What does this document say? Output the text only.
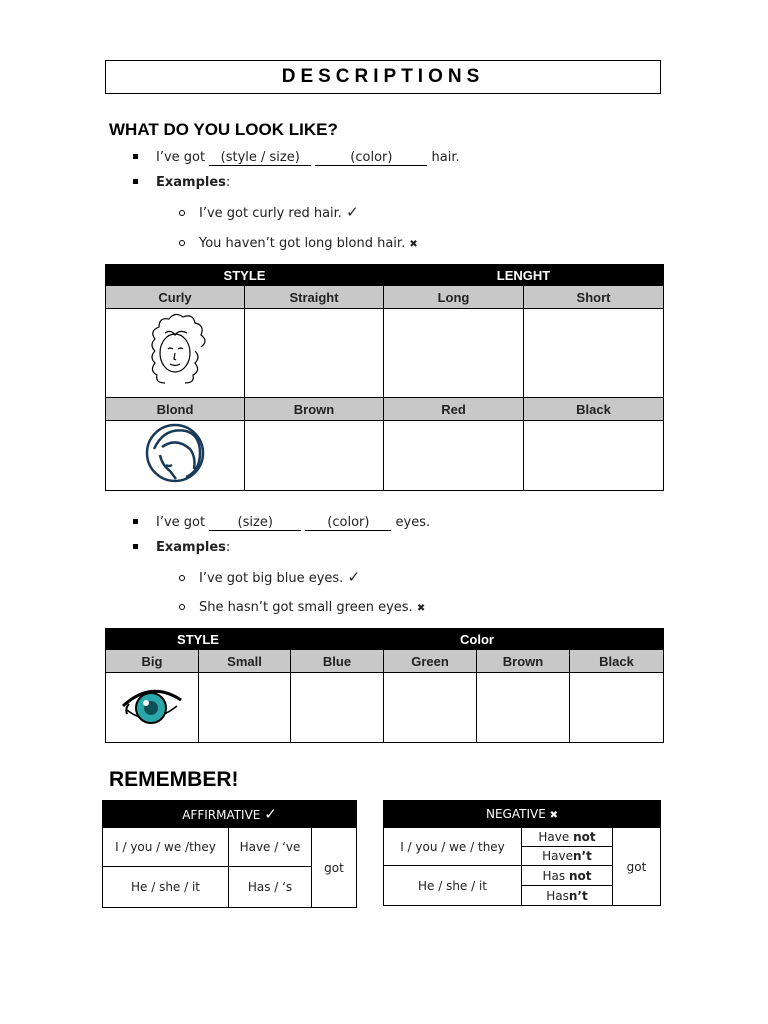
DESCRIPTIONS
WHAT DO YOU LOOK LIKE?
I’ve got (style / size)	(color)	hair.
Examples:
I’ve got curly red hair. ✓
You haven’t got long blond hair. ✖
STYLE		LENGHT	
Curly	Straight	Long	Short

Blond	Brown	Red	Black

I’ve got (size)	(color) eyes.
Examples:
I’ve got big blue eyes. ✓
She hasn’t got small green eyes. ✖
STYLE		Color			
Big	Small	Blue	Green	Brown	Black

REMEMBER!
AFFIRMATIVE ✓		
I / you / we /they	Have / ‘ve	got
He / she / it	Has / ‘s	
NEGATIVE ✖		
I / you / we / they	Have not	got
	Haven’t	
He / she / it	Has not	
	Hasn’t	
